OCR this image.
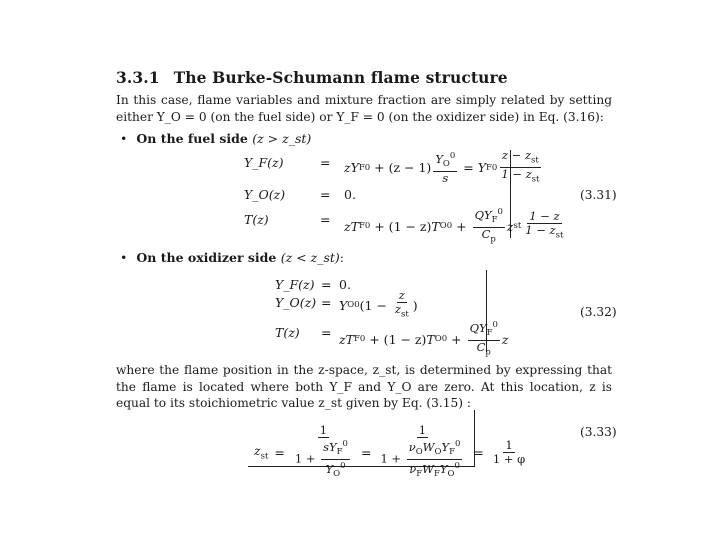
3.3.1 The Burke-Schumann flame structure
In this case, flame variables and mixture fraction are simply related by setting either Y_O = 0 (on the fuel side) or Y_F = 0 (on the oxidizer side) in Eq. (3.16):
• On the fuel side (z > z_st)
Y_F(z)	= zY F $0 + (z - 1) \frac{Y_O^0}{s} = Y$ F $0 \frac{z - z_{st}}{1 - z_{st}}$
Y_O(z)	= 0.
T(z)	= zT F 0 + (1 − z) T O $0 + \frac{QY_F^0}{C_p}$ z st $\frac{1 - z}{1 - z_{st}}$
(3.31)
• On the oxidizer side (z < z_st):
Y_F(z) = 0.
Y_O(z) = Y O 0 ($1 - \frac{z}{z_{st}}$ )
T(z) = zT F 0 + (1 − z) T O $0 + \frac{QY_F^0}{C_p}$ z
(3.32)
where the flame position in the z-space, z_st, is determined by expressing that the flame is located where both Y_F and Y_O are zero. At this location, z is equal to its stoichiometric value z_st given by Eq. (3.15) :
$z_{st} = \frac{1}{1 + \frac{sY_F^0}{Y_O^0}} = \frac{1}{1 + \frac{\nu_OW_OY_F^0}{\nu_FW_FY_O^0}} = \frac{1}{1 + \varphi}$
(3.33)
